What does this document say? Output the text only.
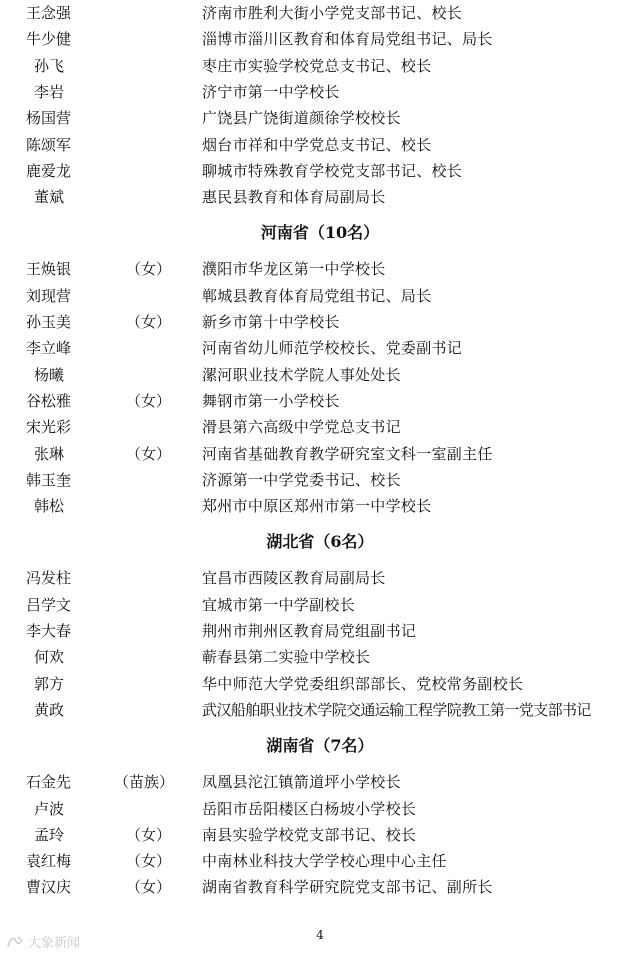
王念强	济南市胜利大街小学党支部书记、校长
牛少健	淄博市淄川区教育和体育局党组书记、局长
孙飞	枣庄市实验学校党总支书记、校长
李岩	济宁市第一中学校长
杨国营	广饶县广饶街道颜徐学校校长
陈颂军	烟台市祥和中学党总支书记、校长
鹿爱龙	聊城市特殊教育学校党支部书记、校长
董斌	惠民县教育和体育局副局长
河南省（10名）
王焕银	（女） 濮阳市华龙区第一中学校长
刘现营	郸城县教育体育局党组书记、局长
孙玉美	（女） 新乡市第十中学校长
李立峰	河南省幼儿师范学校校长、党委副书记
杨曦	漯河职业技术学院人事处处长
谷松雅	（女） 舞钢市第一小学校长
宋光彩	滑县第六高级中学党总支书记
张琳	（女） 河南省基础教育教学研究室文科一室副主任
韩玉奎	济源第一中学党委书记、校长
韩松	郑州市中原区郑州市第一中学校长
湖北省（6名）
冯发柱	宜昌市西陵区教育局副局长
吕学文	宜城市第一中学副校长
李大春	荆州市荆州区教育局党组副书记
何欢	蕲春县第二实验中学校长
郭方	华中师范大学党委组织部部长、党校常务副校长
黄政	武汉船舶职业技术学院交通运输工程学院教工第一党支部书记
湖南省（7名）
石金先	（苗族） 凤凰县沱江镇箭道坪小学校长
卢波	岳阳市岳阳楼区白杨坡小学校长
孟玲	（女） 南县实验学校党支部书记、校长
袁红梅	（女） 中南林业科技大学学校心理中心主任
曹汉庆	（女） 湖南省教育科学研究院党支部书记、副所长
4
大象新闻
